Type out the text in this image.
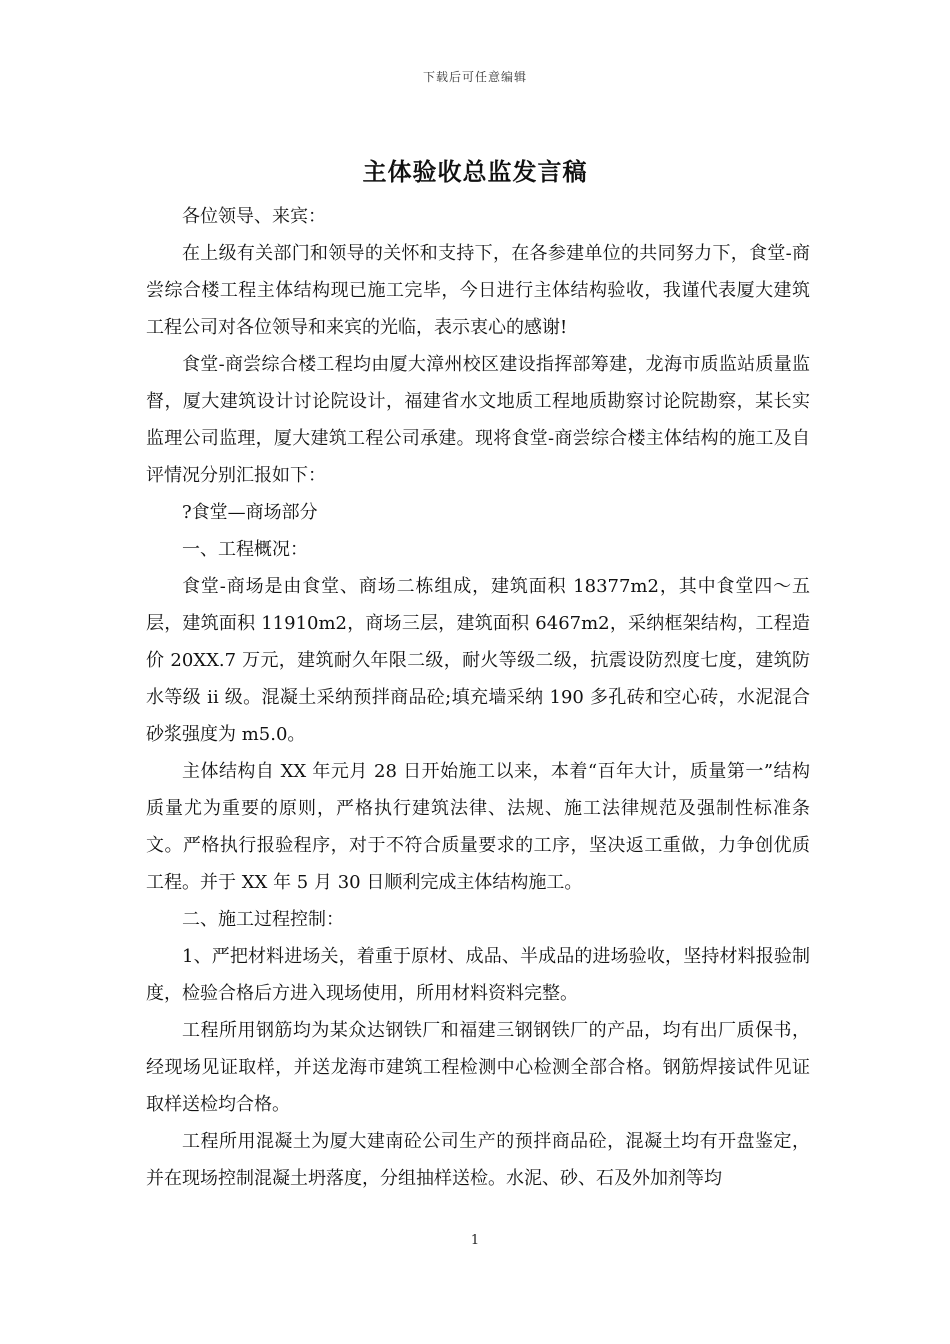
下载后可任意编辑
主体验收总监发言稿

各位领导、来宾：

在上级有关部门和领导的关怀和支持下，在各参建单位的共同努力下，食堂-商尝综合楼工程主体结构现已施工完毕，今日进行主体结构验收，我谨代表厦大建筑工程公司对各位领导和来宾的光临，表示衷心的感谢!

食堂-商尝综合楼工程均由厦大漳州校区建设指挥部筹建，龙海市质监站质量监督，厦大建筑设计讨论院设计，福建省水文地质工程地质勘察讨论院勘察，某长实监理公司监理，厦大建筑工程公司承建。现将食堂-商尝综合楼主体结构的施工及自评情况分别汇报如下：

?食堂—商场部分

一、工程概况：

食堂-商场是由食堂、商场二栋组成，建筑面积 18377m2，其中食堂四～五层，建筑面积 11910m2，商场三层，建筑面积 6467m2，采纳框架结构，工程造价 20XX.7 万元，建筑耐久年限二级，耐火等级二级，抗震设防烈度七度，建筑防水等级 ii 级。混凝土采纳预拌商品砼;填充墙采纳 190 多孔砖和空心砖，水泥混合砂浆强度为 m5.0。

主体结构自 XX 年元月 28 日开始施工以来，本着“百年大计，质量第一”结构质量尤为重要的原则，严格执行建筑法律、法规、施工法律规范及强制性标准条文。严格执行报验程序，对于不符合质量要求的工序，坚决返工重做，力争创优质工程。并于 XX 年 5 月 30 日顺利完成主体结构施工。

二、施工过程控制：

1、严把材料进场关，着重于原材、成品、半成品的进场验收，坚持材料报验制度，检验合格后方进入现场使用，所用材料资料完整。

工程所用钢筋均为某众达钢铁厂和福建三钢钢铁厂的产品，均有出厂质保书，经现场见证取样，并送龙海市建筑工程检测中心检测全部合格。钢筋焊接试件见证取样送检均合格。

工程所用混凝土为厦大建南砼公司生产的预拌商品砼，混凝土均有开盘鉴定，并在现场控制混凝土坍落度，分组抽样送检。水泥、砂、石及外加剂等均

1
